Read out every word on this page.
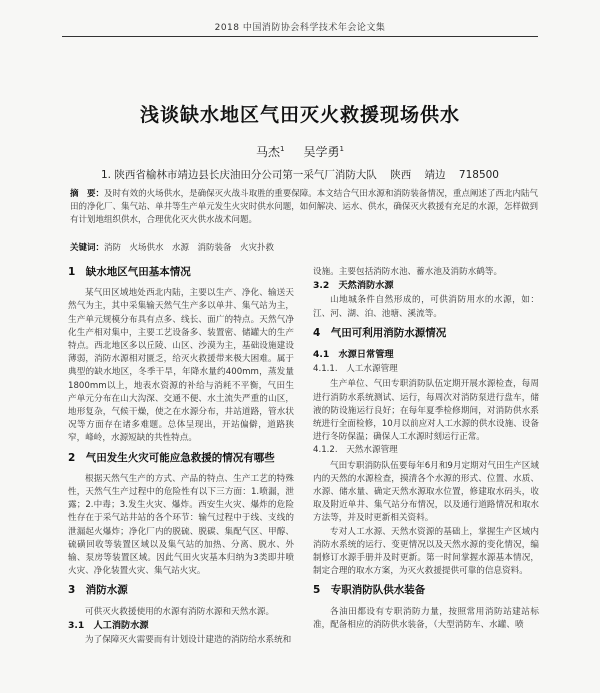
2018 中国消防协会科学技术年会论文集
浅谈缺水地区气田灭火救援现场供水
马杰$^1$ 吴学勇$^1$
1. 陕西省榆林市靖边县长庆油田分公司第一采气厂消防大队    陕西    靖边    718500
摘　要：及时有效的火场供水，是确保灭火战斗取胜的重要保障。本文结合气田水源和消防装备情况，重点阐述了西北内陆气田的净化厂、集气站、单井等生产单元发生火灾时供水问题，如何解决、运水、供水，确保灭火救援有充足的水源，怎样做到有计划地组织供水，合理优化灭火供水战术问题。
关键词：消防　火场供水　水源　消防装备　火灾扑救
1　缺水地区气田基本情况

某气田区域地处西北内陆，主要以生产、净化、输送天然气为主，其中采集输天然气生产多以单井、集气站为主，生产单元规模分布具有点多、线长、面广的特点。天然气净化生产相对集中，主要工艺设备多、装置密、储罐大的生产特点。西北地区多以丘陵、山区、沙漠为主，基础设施建设薄弱，消防水源相对匮乏，给灭火救援带来极大困难。属于典型的缺水地区，冬季干旱，年降水量约400mm，蒸发量1800mm以上，地表水资源的补给与消耗不平衡，气田生产单元分布在山大沟深、交通不便、水土流失严重的山区，地形复杂，气候干燥，使之在水源分布，井站道路，管水状况等方面存在诸多难题。总体呈现出，开站偏僻，道路狭窄，峰岭，水源短缺的共性特点。

2　气田发生火灾可能应急救援的情况有哪些

根据天然气生产的方式、产品的特点、生产工艺的特殊性，天然气生产过程中的危险性有以下三方面：1.喷漏，泄露；2.中毒；3.发生火灾、爆炸。西安生火灾、爆炸的危险性存在于采气站井站的各个环节：输气过程中于线、支线的泄漏起火爆炸；净化厂内的脱硫、脱碳、集配气区、甲醇、硫磺回收等装置区域以及集气站的加热、分离、脱水、外输、泵房等装置区域。因此气田火灾基本归纳为3类即井喷火灾、净化装置火灾、集气站火灾。

3　消防水源

可供灭火救援使用的水源有消防水源和天然水源。

3.1　人工消防水源

为了保障灭火需要而有计划设计建造的消防给水系统和

设施。主要包括消防水池、蓄水池及消防水鹤等。

3.2　天然消防水源

山地城条件自然形成的，可供消防用水的水源，如：江、河、湖、泊、池塘、溪流等。

4　气田可利用消防水源情况
4.1　水源日常管理
4.1.1.　人工水源管理

生产单位、气田专职消防队伍定期开展水源检查，每周进行消防水系统测试、运行，每周次对消防泵进行盘车，储液的防设施运行良好；在每年夏季检修期间，对消防供水系统进行全面检修，10月以前应对人工水源的供水设施、设备进行冬防保温；确保人工水源时刻运行正常。

4.1.2.　天然水源管理

气田专职消防队伍要每年6月和9月定期对气田生产区域内的天然的水源检查，摸清各个水源的形式、位置、水质、水源、储水量、确定天然水源取水位置，修建取水码头，收取及附近单井、集气站分布情况，以及通行道路情况和取水方法等，并及时更新相关资料。

专对人工水源、天然水资源的基础上，掌握生产区域内消防水系统的运行、变更情况以及天然水源的变化情况，编制修订水源手册并及时更新。第一时间掌握水源基本情况，制定合理的取水方案，为灭火救援提供可靠的信息资料。

5　专职消防队供水装备

各油田都设有专职消防力量，按照常用消防站建站标准，配备相应的消防供水装备，（大型消防车、水罐、喷
